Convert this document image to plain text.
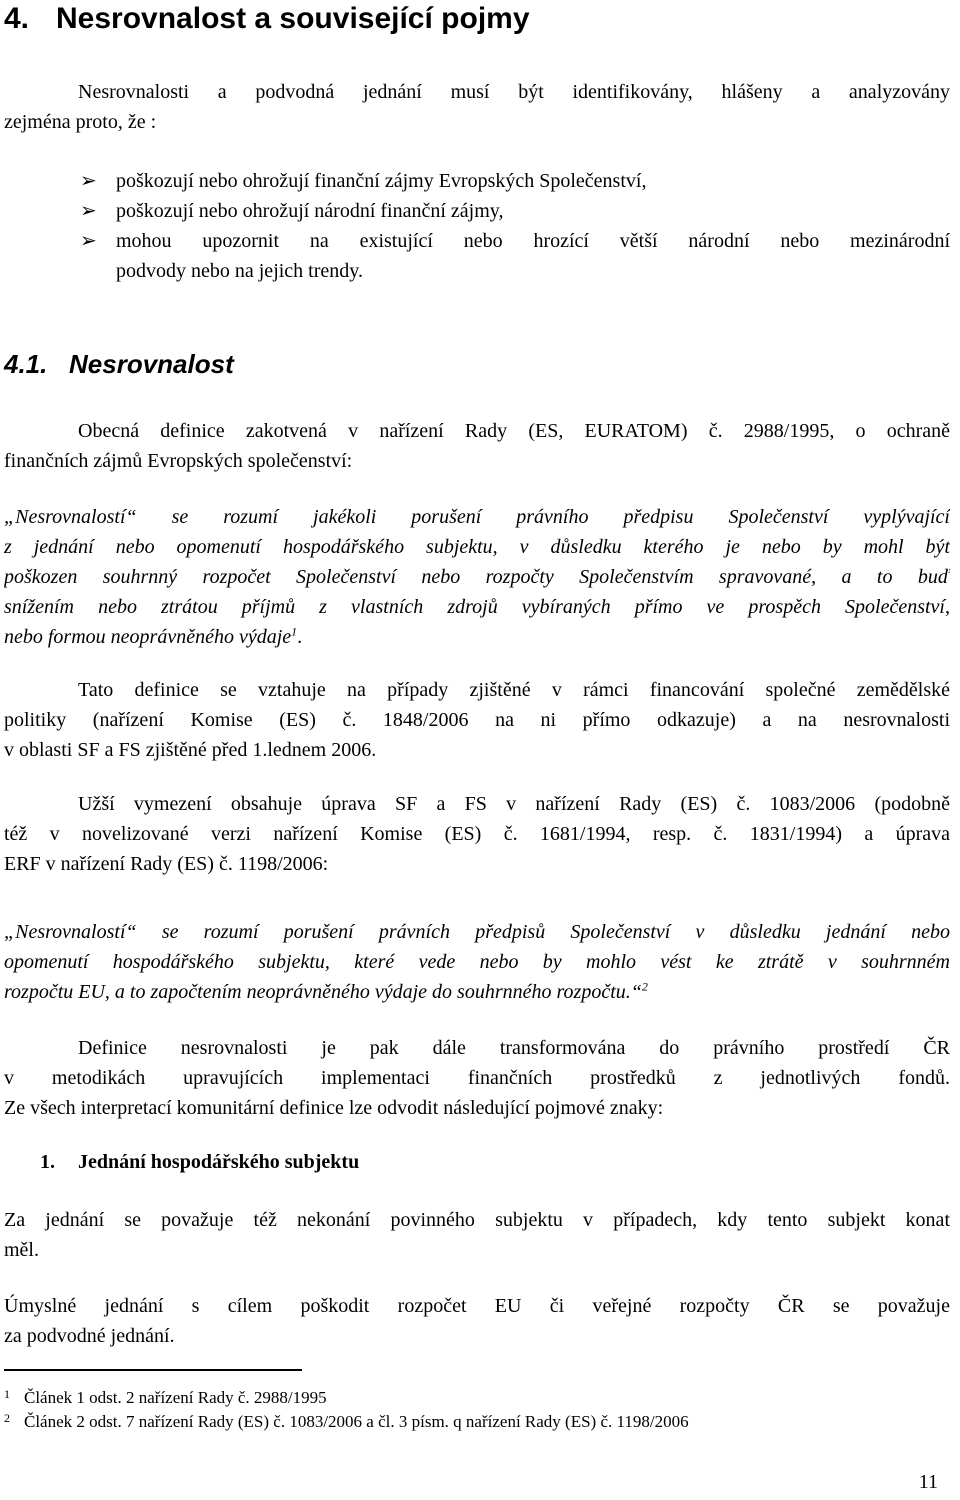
4. Nesrovnalost a související pojmy
Nesrovnalosti a podvodná jednání musí být identifikovány, hlášeny a analyzovány
zejména proto, že :
➢ poškozují nebo ohrožují finanční zájmy Evropských Společenství,
➢ poškozují nebo ohrožují národní finanční zájmy,
➢ mohou upozornit na existující nebo hrozící větší národní nebo mezinárodní
podvody nebo na jejich trendy.
4.1. Nesrovnalost
Obecná definice zakotvená v nařízení Rady (ES, EURATOM) č. 2988/1995, o ochraně
finančních zájmů Evropských společenství:
„Nesrovnalostí“ se rozumí jakékoli porušení právního předpisu Společenství vyplývající
z jednání nebo opomenutí hospodářského subjektu, v důsledku kterého je nebo by mohl být
poškozen souhrnný rozpočet Společenství nebo rozpočty Společenstvím spravované, a to buď
snížením nebo ztrátou příjmů z vlastních zdrojů vybíraných přímo ve prospěch Společenství,
nebo formou neoprávněného výdaje$^1$.
Tato definice se vztahuje na případy zjištěné v rámci financování společné zemědělské
politiky (nařízení Komise (ES) č. 1848/2006 na ni přímo odkazuje) a na nesrovnalosti
v oblasti SF a FS zjištěné před 1.lednem 2006.
Užší vymezení obsahuje úprava SF a FS v nařízení Rady (ES) č. 1083/2006 (podobně
též v novelizované verzi nařízení Komise (ES) č. 1681/1994, resp. č. 1831/1994) a úprava
ERF v nařízení Rady (ES) č. 1198/2006:
„Nesrovnalostí“ se rozumí porušení právních předpisů Společenství v důsledku jednání nebo
opomenutí hospodářského subjektu, které vede nebo by mohlo vést ke ztrátě v souhrnném
rozpočtu EU, a to započtením neoprávněného výdaje do souhrnného rozpočtu.“$^2$
Definice nesrovnalosti je pak dále transformována do právního prostředí ČR
v metodikách upravujících implementaci finančních prostředků z jednotlivých fondů.
Ze všech interpretací komunitární definice lze odvodit následující pojmové znaky:
1. Jednání hospodářského subjektu
Za jednání se považuje též nekonání povinného subjektu v případech, kdy tento subjekt konat
měl.
Úmyslné jednání s cílem poškodit rozpočet EU či veřejné rozpočty ČR se považuje
za podvodné jednání.
1 Článek 1 odst. 2 nařízení Rady č. 2988/1995
2 Článek 2 odst. 7 nařízení Rady (ES) č. 1083/2006 a čl. 3 písm. q nařízení Rady (ES) č. 1198/2006
11
